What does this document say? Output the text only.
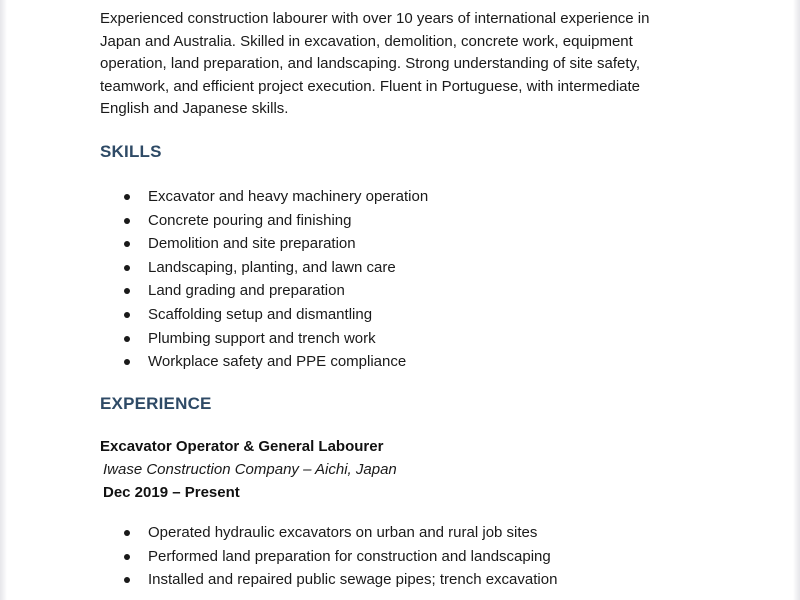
Experienced construction labourer with over 10 years of international experience in
Japan and Australia. Skilled in excavation, demolition, concrete work, equipment
operation, land preparation, and landscaping. Strong understanding of site safety,
teamwork, and efficient project execution. Fluent in Portuguese, with intermediate
English and Japanese skills.

SKILLS
Excavator and heavy machinery operation
Concrete pouring and finishing
Demolition and site preparation
Landscaping, planting, and lawn care
Land grading and preparation
Scaffolding setup and dismantling
Plumbing support and trench work
Workplace safety and PPE compliance
EXPERIENCE
Excavator Operator & General Labourer
Iwase Construction Company – Aichi, Japan
Dec 2019 – Present
Operated hydraulic excavators on urban and rural job sites
Performed land preparation for construction and landscaping
Installed and repaired public sewage pipes; trench excavation
